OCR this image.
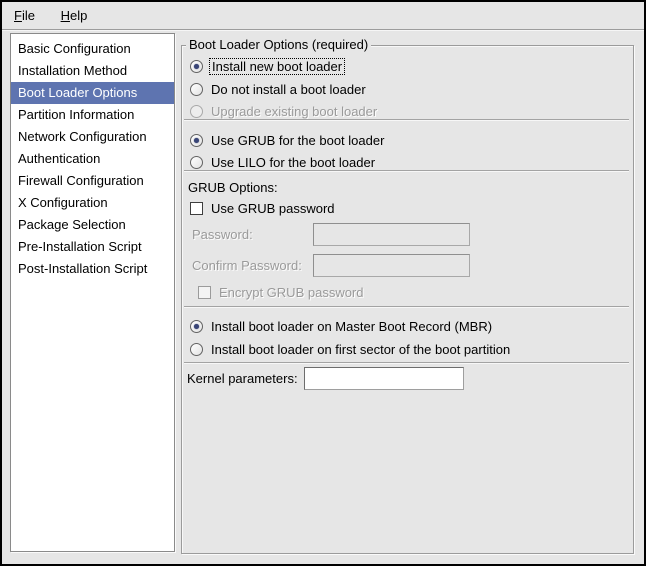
File Help
Basic Configuration
Installation Method
Boot Loader Options
Partition Information
Network Configuration
Authentication
Firewall Configuration
X Configuration
Package Selection
Pre-Installation Script
Post-Installation Script
Boot Loader Options (required)
Install new boot loader
Do not install a boot loader
Upgrade existing boot loader
Use GRUB for the boot loader
Use LILO for the boot loader
GRUB Options:
Use GRUB password
Password:
Confirm Password:
Encrypt GRUB password
Install boot loader on Master Boot Record (MBR)
Install boot loader on first sector of the boot partition
Kernel parameters:
